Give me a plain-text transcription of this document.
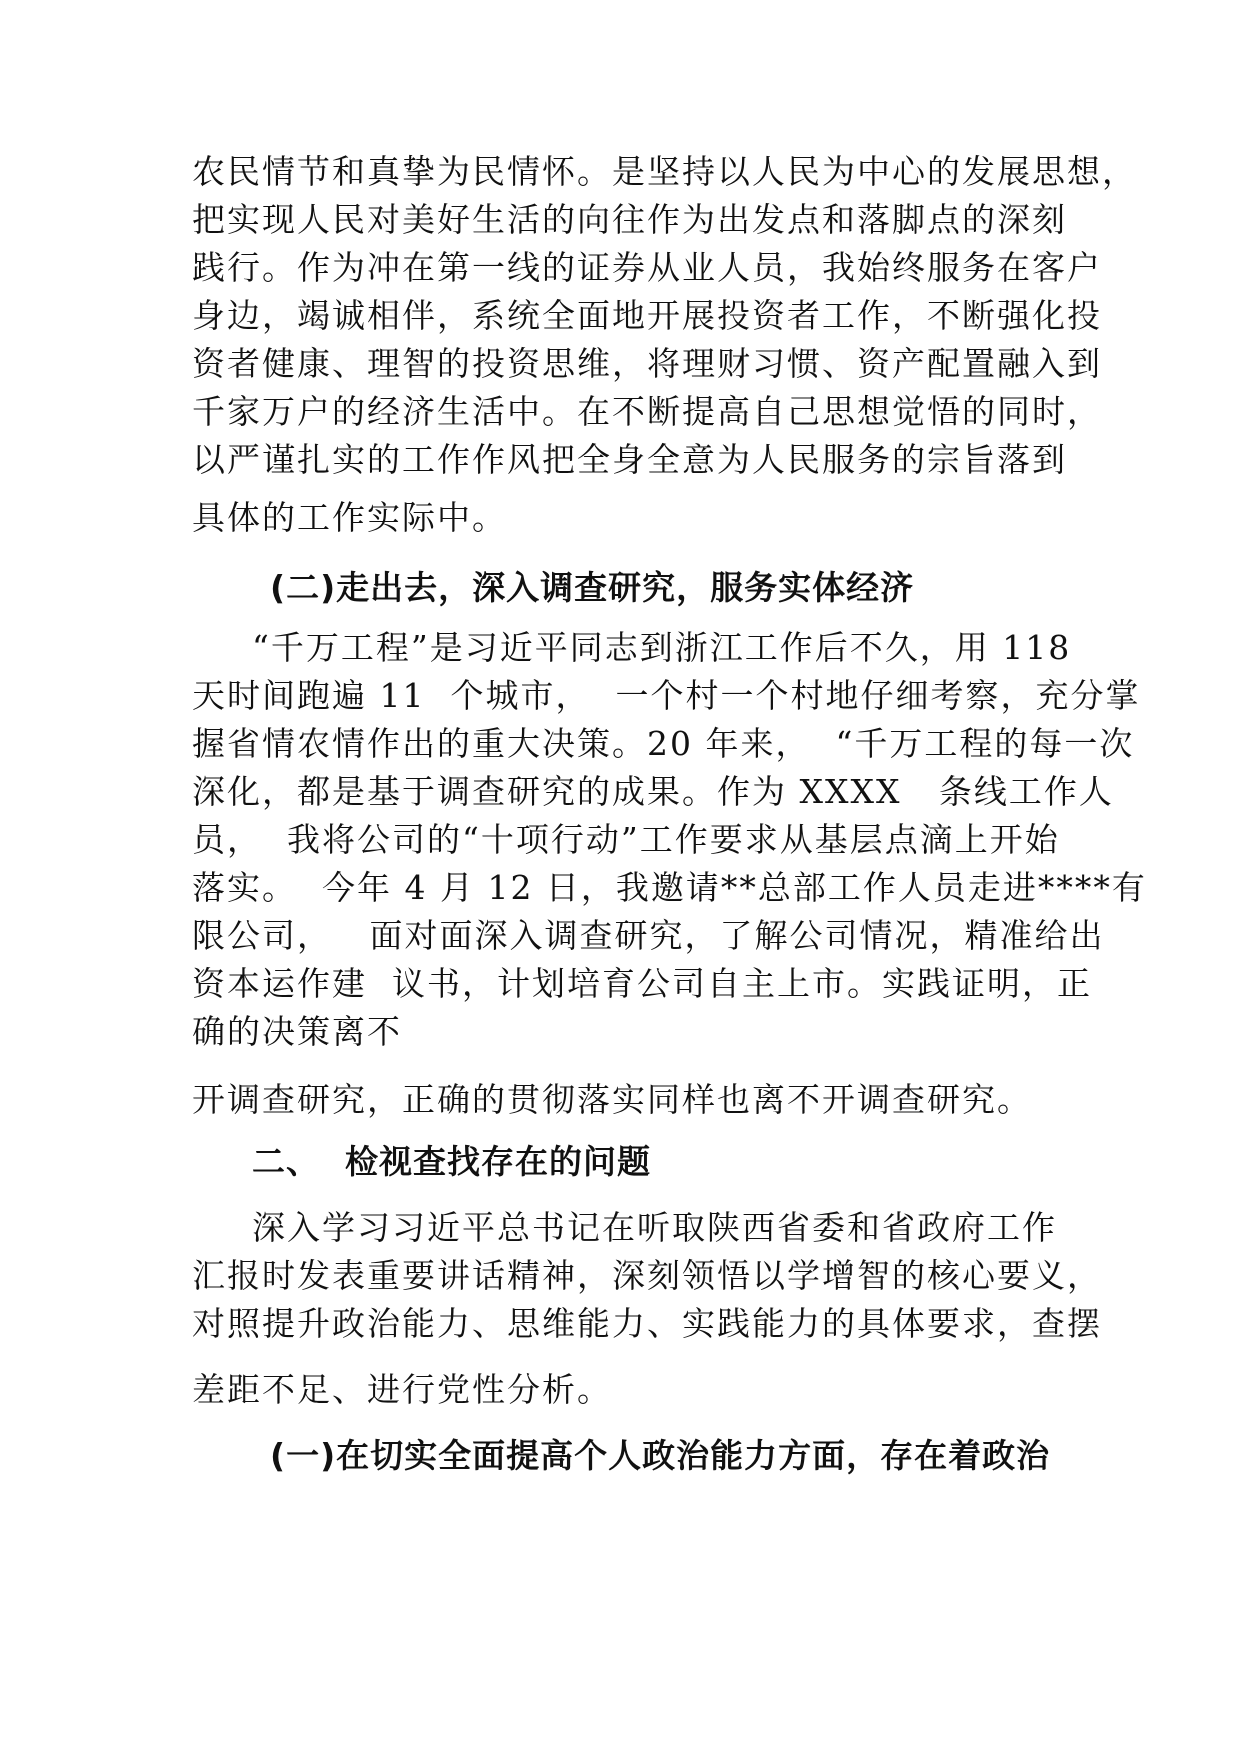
农民情节和真挚为民情怀。是坚持以人民为中心的发展思想，
把实现人民对美好生活的向往作为出发点和落脚点的深刻
践行。作为冲在第一线的证券从业人员，我始终服务在客户
身边，竭诚相伴，系统全面地开展投资者工作，不断强化投
资者健康、理智的投资思维，将理财习惯、资产配置融入到
千家万户的经济生活中。在不断提高自己思想觉悟的同时，
以严谨扎实的工作作风把全身全意为人民服务的宗旨落到
具体的工作实际中。
(二)走出去，深入调查研究，服务实体经济
“千万工程”是习近平同志到浙江工作后不久，用 118
天时间跑遍 11  个城市，  一个村一个村地仔细考察，充分掌
握省情农情作出的重大决策。20 年来，  “千万工程的每一次
深化，都是基于调查研究的成果。作为 XXXX   条线工作人
员，  我将公司的“十项行动”工作要求从基层点滴上开始
落实。  今年 4 月 12 日，我邀请**总部工作人员走进****有
限公司，   面对面深入调查研究，了解公司情况，精准给出
资本运作建  议书，计划培育公司自主上市。实践证明，正
确的决策离不
开调查研究，正确的贯彻落实同样也离不开调查研究。
二、  检视查找存在的问题
深入学习习近平总书记在听取陕西省委和省政府工作
汇报时发表重要讲话精神，深刻领悟以学增智的核心要义，
对照提升政治能力、思维能力、实践能力的具体要求，查摆
差距不足、进行党性分析。
(一)在切实全面提高个人政治能力方面，存在着政治
